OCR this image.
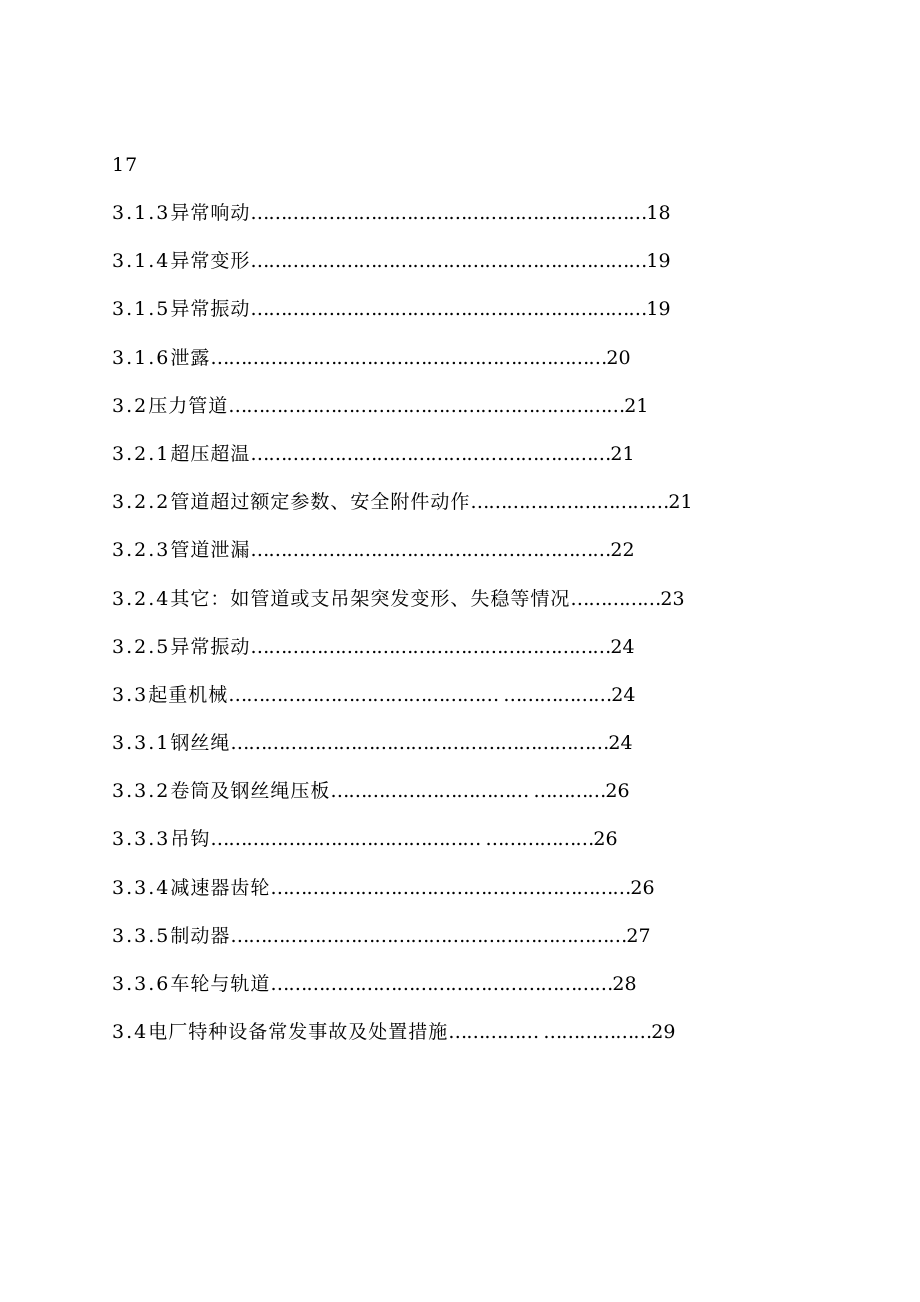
17
3.1.3 异常响动 ………………………………………………………… 18
3.1.4 异常变形 ………………………………………………………… 19
3.1.5 异常振动 ………………………………………………………… 19
3.1.6 泄露 ………………………………………………………… 20
3.2 压力管道 ………………………………………………………… 21
3.2.1 超压超温 …………………………………………………… 21
3.2.2 管道超过额定参数、安全附件动作 …………………………… 21
3.2.3 管道泄漏 …………………………………………………… 22
3.2.4 其它：如管道或支吊架突发变形、失稳等情况 …………… 23
3.2.5 异常振动 …………………………………………………… 24
3.3 起重机械 ……………………………………… ……………… 24
3.3.1 钢丝绳 ……………………………………………………… 24
3.3.2 卷筒及钢丝绳压板 …………………………… ………… 26
3.3.3 吊钩 ……………………………………… ……………… 26
3.3.4 减速器齿轮 …………………………………………………… 26
3.3.5 制动器 ………………………………………………………… 27
3.3.6 车轮与轨道 ………………………………………………… 28
3.4 电厂特种设备常发事故及处置措施 …………… ……………… 29
